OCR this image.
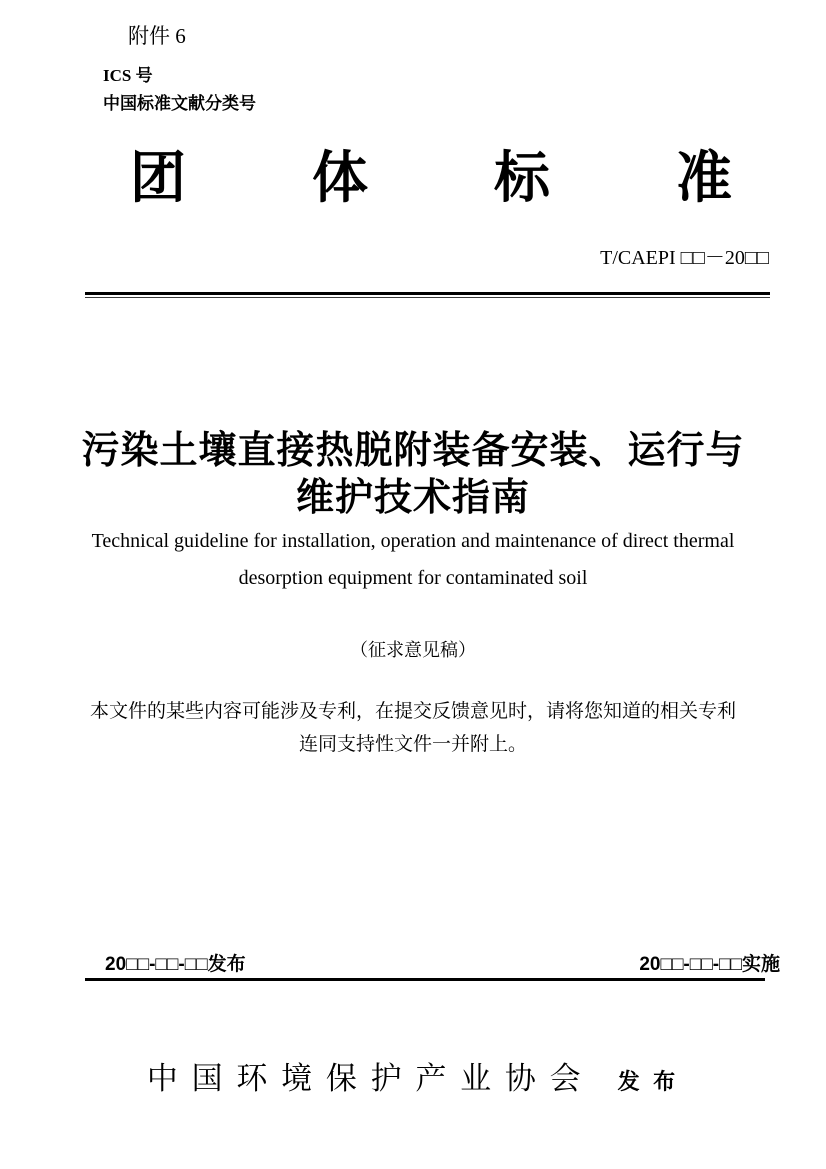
附件 6
ICS 号
中国标准文献分类号
团 体 标 准
T/CAEPI □□－20□□
污染土壤直接热脱附装备安装、运行与
维护技术指南
Technical guideline for installation, operation and maintenance of direct thermal
desorption equipment for contaminated soil
（征求意见稿）
本文件的某些内容可能涉及专利，在提交反馈意见时，请将您知道的相关专利
连同支持性文件一并附上。
20□□-□□-□□发布	20□□-□□-□□实施
中 国 环 境 保 护 产 业 协 会 发 布
